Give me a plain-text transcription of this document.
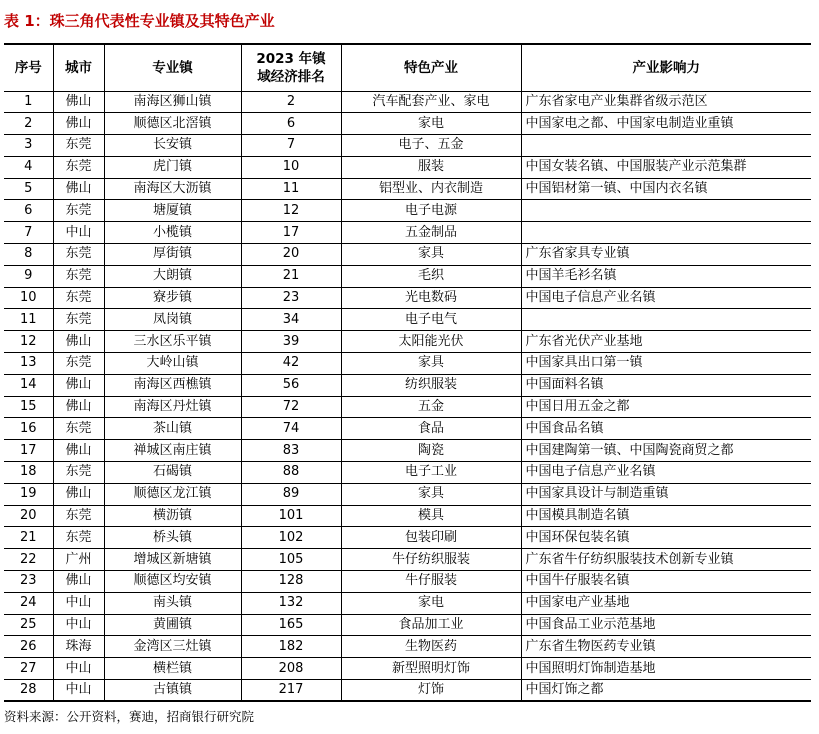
表 1：珠三角代表性专业镇及其特色产业
序号	城市	专业镇	2023 年镇
域经济排名	特色产业	产业影响力
1	佛山	南海区狮山镇	2	汽车配套产业、家电	广东省家电产业集群省级示范区
2	佛山	顺德区北滘镇	6	家电	中国家电之都、中国家电制造业重镇
3	东莞	长安镇	7	电子、五金	
4	东莞	虎门镇	10	服装	中国女装名镇、中国服装产业示范集群
5	佛山	南海区大沥镇	11	铝型业、内衣制造	中国铝材第一镇、中国内衣名镇
6	东莞	塘厦镇	12	电子电源	
7	中山	小榄镇	17	五金制品	
8	东莞	厚街镇	20	家具	广东省家具专业镇
9	东莞	大朗镇	21	毛织	中国羊毛衫名镇
10	东莞	寮步镇	23	光电数码	中国电子信息产业名镇
11	东莞	凤岗镇	34	电子电气	
12	佛山	三水区乐平镇	39	太阳能光伏	广东省光伏产业基地
13	东莞	大岭山镇	42	家具	中国家具出口第一镇
14	佛山	南海区西樵镇	56	纺织服装	中国面料名镇
15	佛山	南海区丹灶镇	72	五金	中国日用五金之都
16	东莞	茶山镇	74	食品	中国食品名镇
17	佛山	禅城区南庄镇	83	陶瓷	中国建陶第一镇、中国陶瓷商贸之都
18	东莞	石碣镇	88	电子工业	中国电子信息产业名镇
19	佛山	顺德区龙江镇	89	家具	中国家具设计与制造重镇
20	东莞	横沥镇	101	模具	中国模具制造名镇
21	东莞	桥头镇	102	包装印刷	中国环保包装名镇
22	广州	增城区新塘镇	105	牛仔纺织服装	广东省牛仔纺织服装技术创新专业镇
23	佛山	顺德区均安镇	128	牛仔服装	中国牛仔服装名镇
24	中山	南头镇	132	家电	中国家电产业基地
25	中山	黄圃镇	165	食品加工业	中国食品工业示范基地
26	珠海	金湾区三灶镇	182	生物医药	广东省生物医药专业镇
27	中山	横栏镇	208	新型照明灯饰	中国照明灯饰制造基地
28	中山	古镇镇	217	灯饰	中国灯饰之都
资料来源：公开资料，赛迪，招商银行研究院
